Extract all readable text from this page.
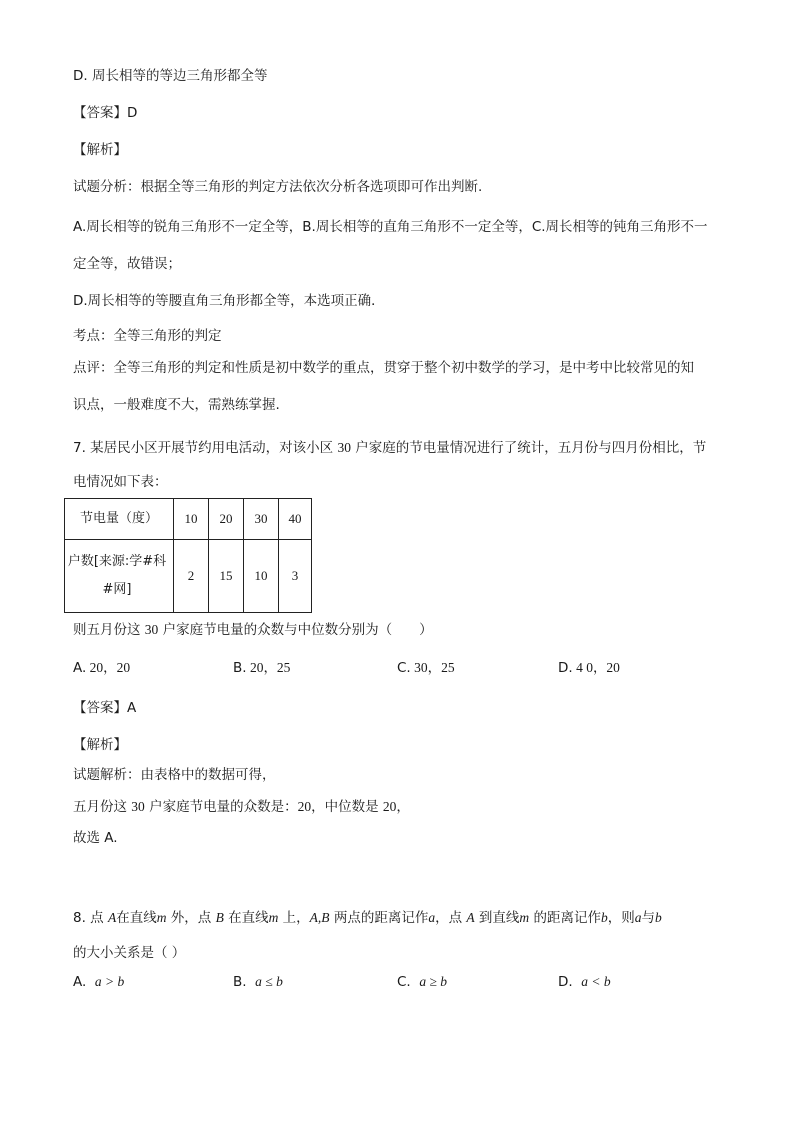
D. 周长相等的等边三角形都全等
【答案】D
【解析】
试题分析：根据全等三角形的判定方法依次分析各选项即可作出判断.
A.周长相等的锐角三角形不一定全等，B.周长相等的直角三角形不一定全等，C.周长相等的钝角三角形不一
定全等，故错误；
D.周长相等的等腰直角三角形都全等，本选项正确．
考点：全等三角形的判定
点评：全等三角形的判定和性质是初中数学的重点，贯穿于整个初中数学的学习，是中考中比较常见的知
识点，一般难度不大，需熟练掌握.
7. 某居民小区开展节约用电活动，对该小区 30 户家庭的节电量情况进行了统计，五月份与四月份相比，节
电情况如下表：
节电量（度）	10	20	30	40
户数[来源:学#科#网]	2	15	10	3
则五月份这 30 户家庭节电量的众数与中位数分别为（　　）
A. 20，20	B. 20，25	C. 30，25	D. 4 0，20
【答案】A
【解析】
试题解析：由表格中的数据可得，
五月份这 30 户家庭节电量的众数是：20，中位数是 20，
故选 A.
8. 点 A在直线m 外，点 B 在直线m 上，A,B 两点的距离记作a，点 A 到直线m 的距离记作b，则a与b
的大小关系是（ ）
A. a > b	B. a ≤ b	C. a ≥ b	D. a < b
